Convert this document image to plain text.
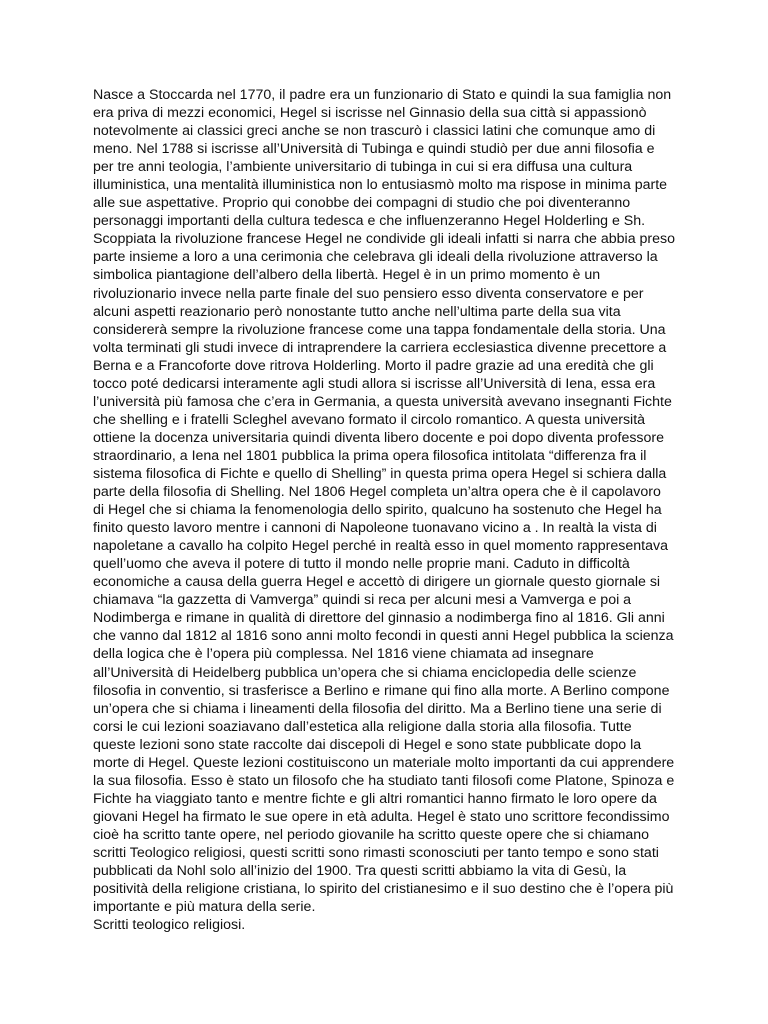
Nasce a Stoccarda nel 1770, il padre era un funzionario di Stato e quindi la sua famiglia non
era priva di mezzi economici, Hegel si iscrisse nel Ginnasio della sua città si appassionò
notevolmente ai classici greci anche se non trascurò i classici latini che comunque amo di
meno. Nel 1788 si iscrisse all’Università di Tubinga e quindi studiò per due anni filosofia e
per tre anni teologia, l’ambiente universitario di tubinga in cui si era diffusa una cultura
illuministica, una mentalità illuministica non lo entusiasmò molto ma rispose in minima parte
alle sue aspettative. Proprio qui conobbe dei compagni di studio che poi diventeranno
personaggi importanti della cultura tedesca e che influenzeranno Hegel Holderling e Sh.
Scoppiata la rivoluzione francese Hegel ne condivide gli ideali infatti si narra che abbia preso
parte insieme a loro a una cerimonia che celebrava gli ideali della rivoluzione attraverso la
simbolica piantagione dell’albero della libertà. Hegel è in un primo momento è un
rivoluzionario invece nella parte finale del suo pensiero esso diventa conservatore e per
alcuni aspetti reazionario però nonostante tutto anche nell’ultima parte della sua vita
considererà sempre la rivoluzione francese come una tappa fondamentale della storia. Una
volta terminati gli studi invece di intraprendere la carriera ecclesiastica divenne precettore a
Berna e a Francoforte dove ritrova Holderling. Morto il padre grazie ad una eredità che gli
tocco poté dedicarsi interamente agli studi allora si iscrisse all’Università di Iena, essa era
l’università più famosa che c’era in Germania, a questa università avevano insegnanti Fichte
che shelling e i fratelli Scleghel avevano formato il circolo romantico. A questa università
ottiene la docenza universitaria quindi diventa libero docente e poi dopo diventa professore
straordinario, a Iena nel 1801 pubblica la prima opera filosofica intitolata “differenza fra il
sistema filosofica di Fichte e quello di Shelling” in questa prima opera Hegel si schiera dalla
parte della filosofia di Shelling. Nel 1806 Hegel completa un’altra opera che è il capolavoro
di Hegel che si chiama la fenomenologia dello spirito, qualcuno ha sostenuto che Hegel ha
finito questo lavoro mentre i cannoni di Napoleone tuonavano vicino a . In realtà la vista di
napoletane a cavallo ha colpito Hegel perché in realtà esso in quel momento rappresentava
quell’uomo che aveva il potere di tutto il mondo nelle proprie mani. Caduto in difficoltà
economiche a causa della guerra Hegel e accettò di dirigere un giornale questo giornale si
chiamava “la gazzetta di Vamverga” quindi si reca per alcuni mesi a Vamverga e poi a
Nodimberga e rimane in qualità di direttore del ginnasio a nodimberga fino al 1816. Gli anni
che vanno dal 1812 al 1816 sono anni molto fecondi in questi anni Hegel pubblica la scienza
della logica che è l’opera più complessa. Nel 1816 viene chiamata ad insegnare
all’Università di Heidelberg pubblica un’opera che si chiama enciclopedia delle scienze
filosofia in conventio, si trasferisce a Berlino e rimane qui fino alla morte. A Berlino compone
un’opera che si chiama i lineamenti della filosofia del diritto. Ma a Berlino tiene una serie di
corsi le cui lezioni soaziavano dall’estetica alla religione dalla storia alla filosofia. Tutte
queste lezioni sono state raccolte dai discepoli di Hegel e sono state pubblicate dopo la
morte di Hegel. Queste lezioni costituiscono un materiale molto importanti da cui apprendere
la sua filosofia. Esso è stato un filosofo che ha studiato tanti filosofi come Platone, Spinoza e
Fichte ha viaggiato tanto e mentre fichte e gli altri romantici hanno firmato le loro opere da
giovani Hegel ha firmato le sue opere in età adulta. Hegel è stato uno scrittore fecondissimo
cioè ha scritto tante opere, nel periodo giovanile ha scritto queste opere che si chiamano
scritti Teologico religiosi, questi scritti sono rimasti sconosciuti per tanto tempo e sono stati
pubblicati da Nohl solo all’inizio del 1900. Tra questi scritti abbiamo la vita di Gesù, la
positività della religione cristiana, lo spirito del cristianesimo e il suo destino che è l’opera più
importante e più matura della serie.
Scritti teologico religiosi.
